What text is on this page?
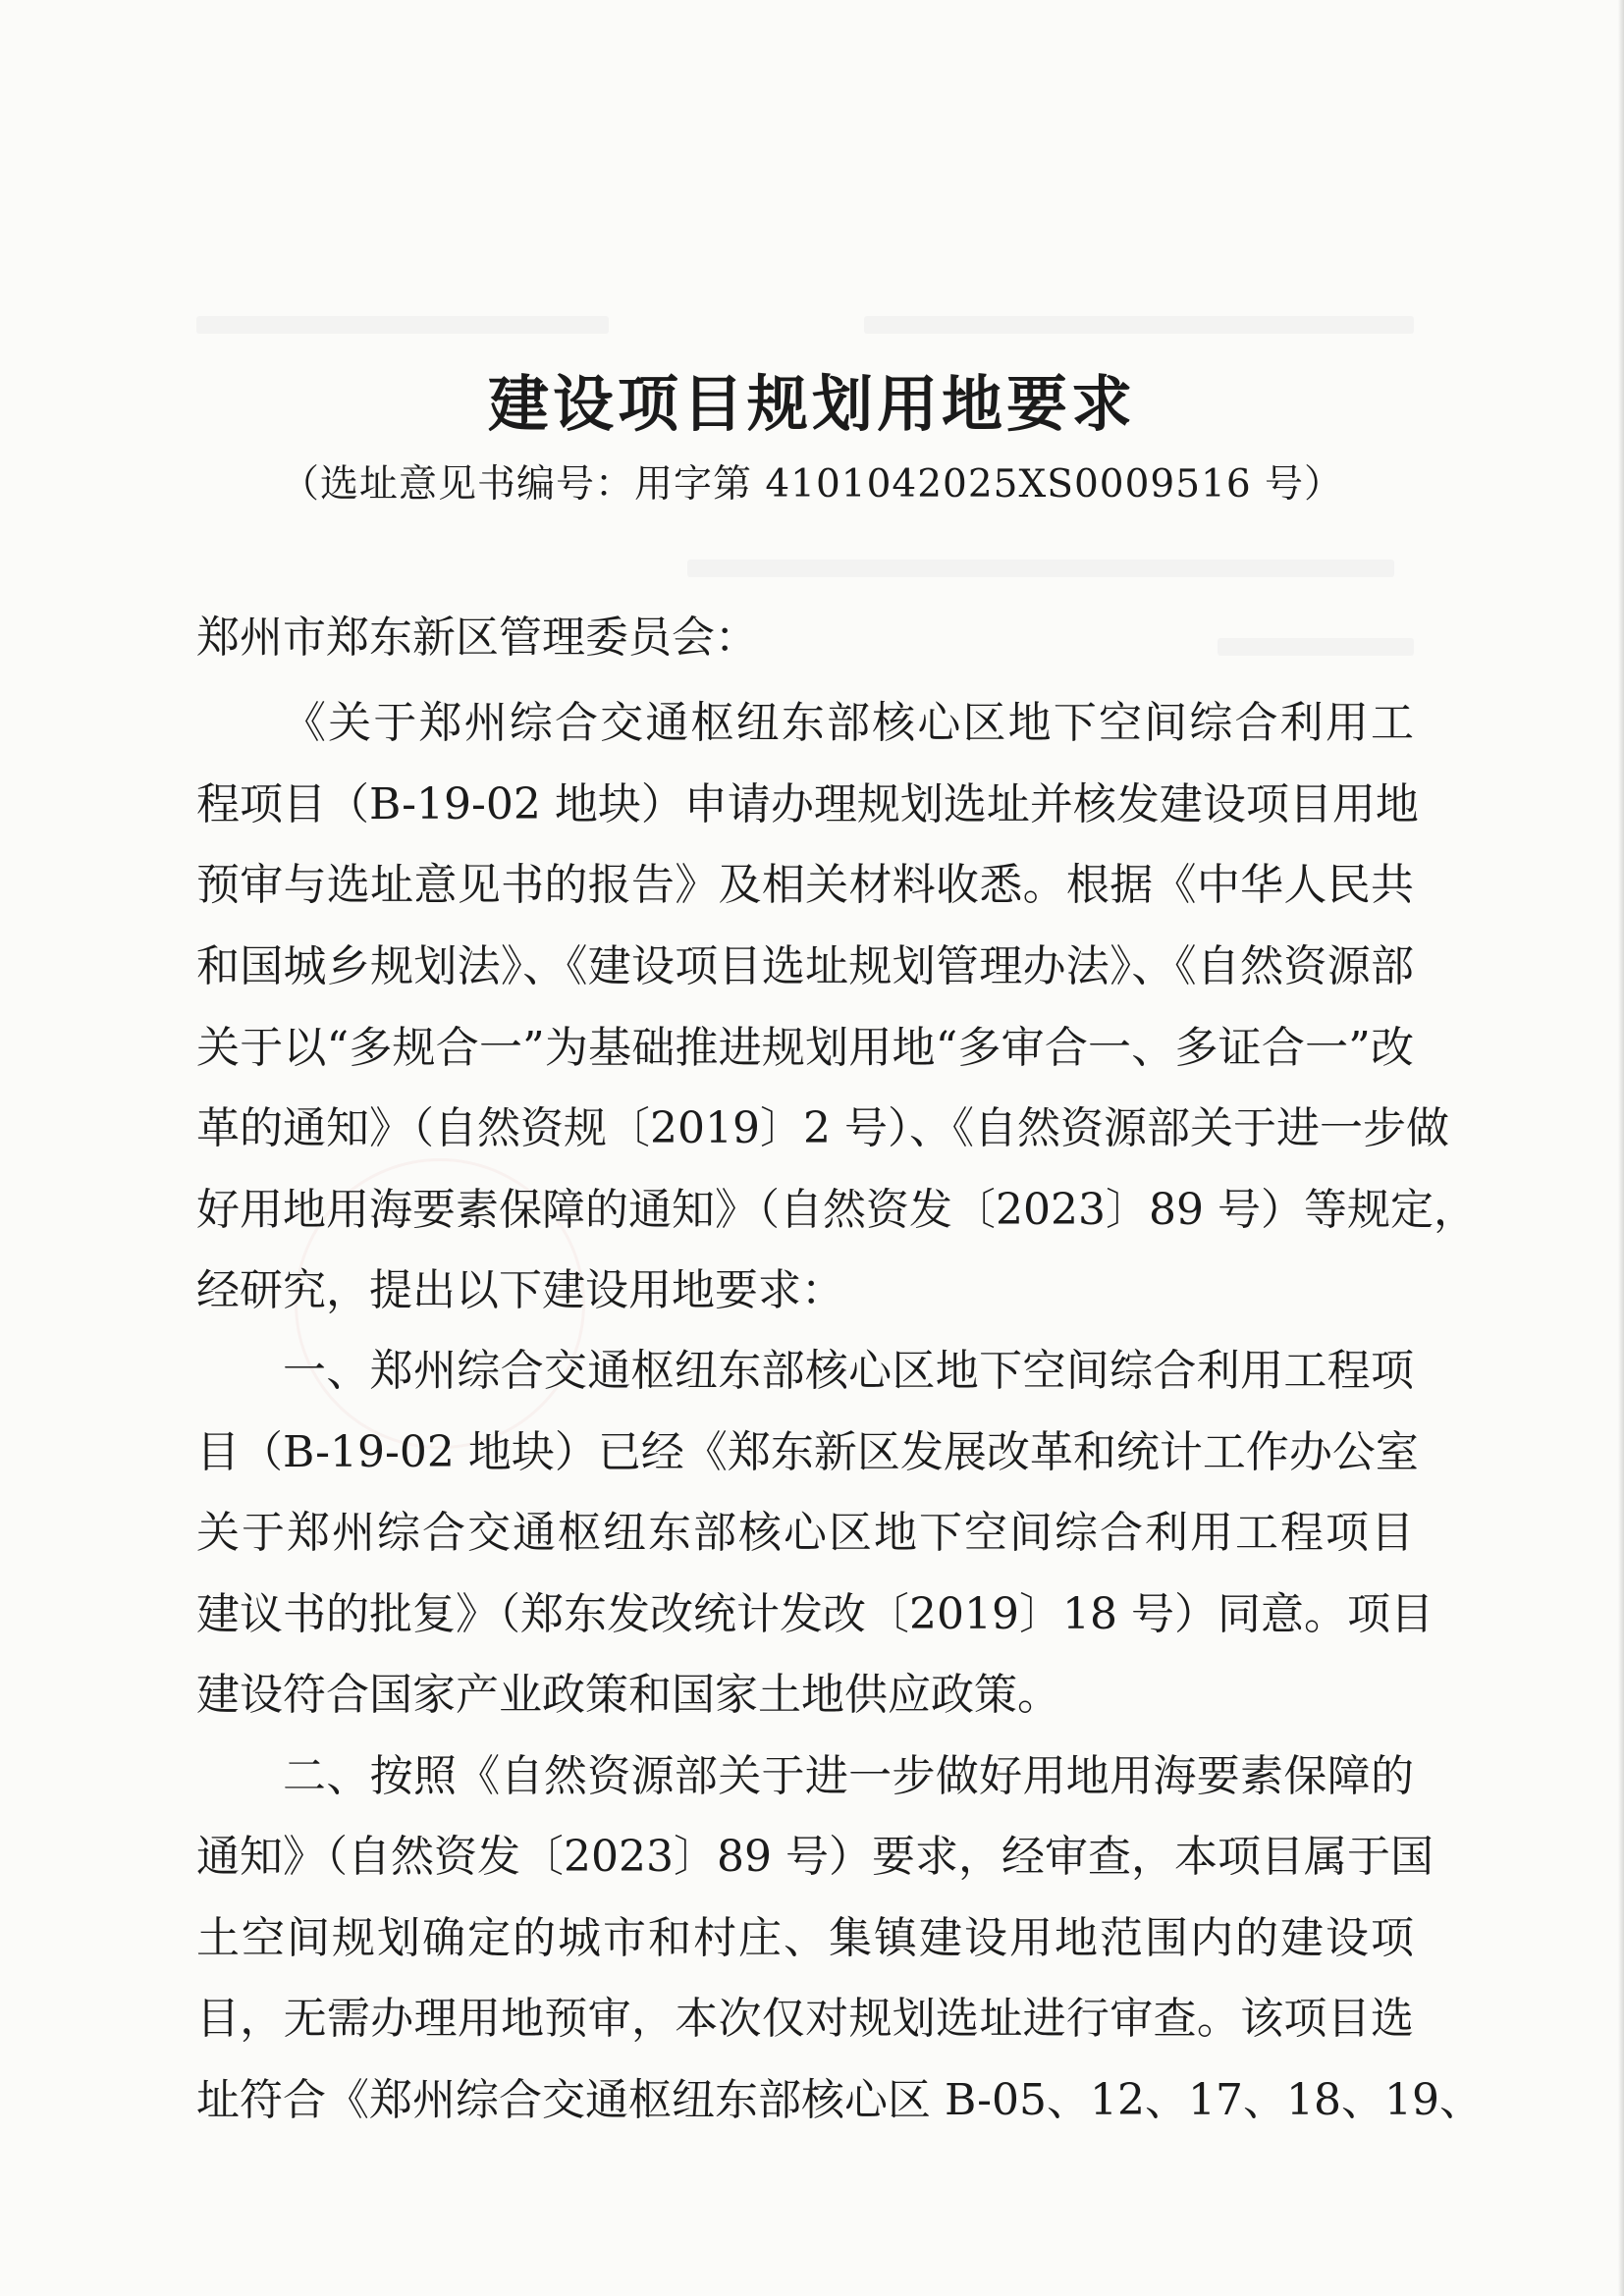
建设项目规划用地要求
（选址意见书编号：用字第 4101042025XS0009516 号）
郑州市郑东新区管理委员会：
《关于郑州综合交通枢纽东部核心区地下空间综合利用工
程项目（B-19-02 地块）申请办理规划选址并核发建设项目用地
预审与选址意见书的报告》及相关材料收悉。根据《中华人民共
和国城乡规划法》、《建设项目选址规划管理办法》、《自然资源部
关于以“多规合一”为基础推进规划用地“多审合一、多证合一”改
革的通知》（自然资规〔2019〕2 号）、《自然资源部关于进一步做
好用地用海要素保障的通知》（自然资发〔2023〕89 号）等规定，
经研究，提出以下建设用地要求：
一、郑州综合交通枢纽东部核心区地下空间综合利用工程项
目（B-19-02 地块）已经《郑东新区发展改革和统计工作办公室
关于郑州综合交通枢纽东部核心区地下空间综合利用工程项目
建议书的批复》（郑东发改统计发改〔2019〕18 号）同意。项目
建设符合国家产业政策和国家土地供应政策。
二、按照《自然资源部关于进一步做好用地用海要素保障的
通知》（自然资发〔2023〕89 号）要求，经审查，本项目属于国
土空间规划确定的城市和村庄、集镇建设用地范围内的建设项
目，无需办理用地预审，本次仅对规划选址进行审查。该项目选
址符合《郑州综合交通枢纽东部核心区 B-05、12、17、18、19、
